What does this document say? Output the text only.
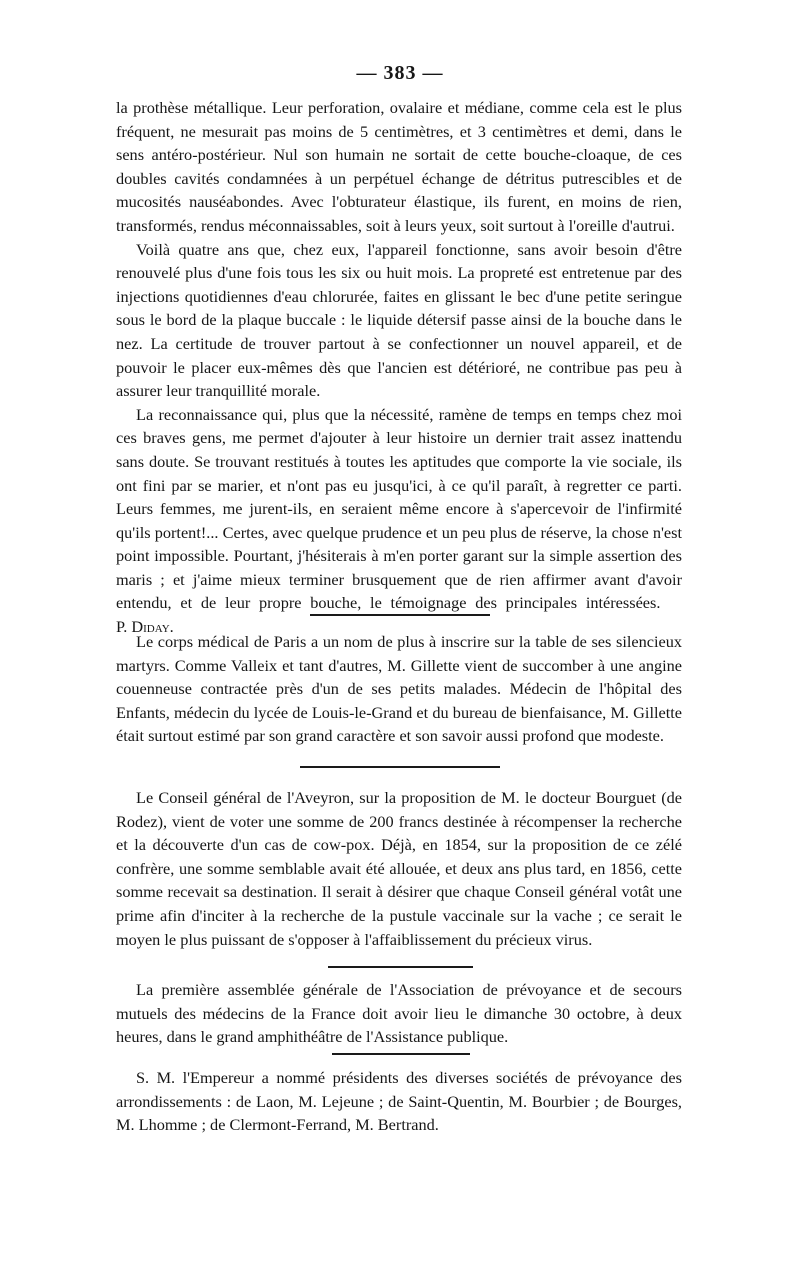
— 383 —

la prothèse métallique. Leur perforation, ovalaire et médiane, comme cela est le plus fréquent, ne mesurait pas moins de 5 centimètres, et 3 centimètres et demi, dans le sens antéro-postérieur. Nul son humain ne sortait de cette bouche-cloaque, de ces doubles cavités condamnées à un perpétuel échange de détritus putrescibles et de mucosités nauséabondes. Avec l'obturateur élastique, ils furent, en moins de rien, transformés, rendus méconnaissables, soit à leurs yeux, soit surtout à l'oreille d'autrui.

Voilà quatre ans que, chez eux, l'appareil fonctionne, sans avoir besoin d'être renouvelé plus d'une fois tous les six ou huit mois. La propreté est entretenue par des injections quotidiennes d'eau chlorurée, faites en glissant le bec d'une petite seringue sous le bord de la plaque buccale : le liquide détersif passe ainsi de la bouche dans le nez. La certitude de trouver partout à se confectionner un nouvel appareil, et de pouvoir le placer eux-mêmes dès que l'ancien est détérioré, ne contribue pas peu à assurer leur tranquillité morale.

La reconnaissance qui, plus que la nécessité, ramène de temps en temps chez moi ces braves gens, me permet d'ajouter à leur histoire un dernier trait assez inattendu sans doute. Se trouvant restitués à toutes les aptitudes que comporte la vie sociale, ils ont fini par se marier, et n'ont pas eu jusqu'ici, à ce qu'il paraît, à regretter ce parti. Leurs femmes, me jurent-ils, en seraient même encore à s'apercevoir de l'infirmité qu'ils portent!... Certes, avec quelque prudence et un peu plus de réserve, la chose n'est point impossible. Pourtant, j'hésiterais à m'en porter garant sur la simple assertion des maris ; et j'aime mieux terminer brusquement que de rien affirmer avant d'avoir entendu, et de leur propre bouche, le témoignage des principales intéressées.    P. Diday.

Le corps médical de Paris a un nom de plus à inscrire sur la table de ses silencieux martyrs. Comme Valleix et tant d'autres, M. Gillette vient de succomber à une angine couenneuse contractée près d'un de ses petits malades. Médecin de l'hôpital des Enfants, médecin du lycée de Louis-le-Grand et du bureau de bienfaisance, M. Gillette était surtout estimé par son grand caractère et son savoir aussi profond que modeste.

Le Conseil général de l'Aveyron, sur la proposition de M. le docteur Bourguet (de Rodez), vient de voter une somme de 200 francs destinée à récompenser la recherche et la découverte d'un cas de cow-pox. Déjà, en 1854, sur la proposition de ce zélé confrère, une somme semblable avait été allouée, et deux ans plus tard, en 1856, cette somme recevait sa destination. Il serait à désirer que chaque Conseil général votât une prime afin d'inciter à la recherche de la pustule vaccinale sur la vache ; ce serait le moyen le plus puissant de s'opposer à l'affaiblissement du précieux virus.

La première assemblée générale de l'Association de prévoyance et de secours mutuels des médecins de la France doit avoir lieu le dimanche 30 octobre, à deux heures, dans le grand amphithéâtre de l'Assistance publique.

S. M. l'Empereur a nommé présidents des diverses sociétés de prévoyance des arrondissements : de Laon, M. Lejeune ; de Saint-Quentin, M. Bourbier ; de Bourges, M. Lhomme ; de Clermont-Ferrand, M. Bertrand.
